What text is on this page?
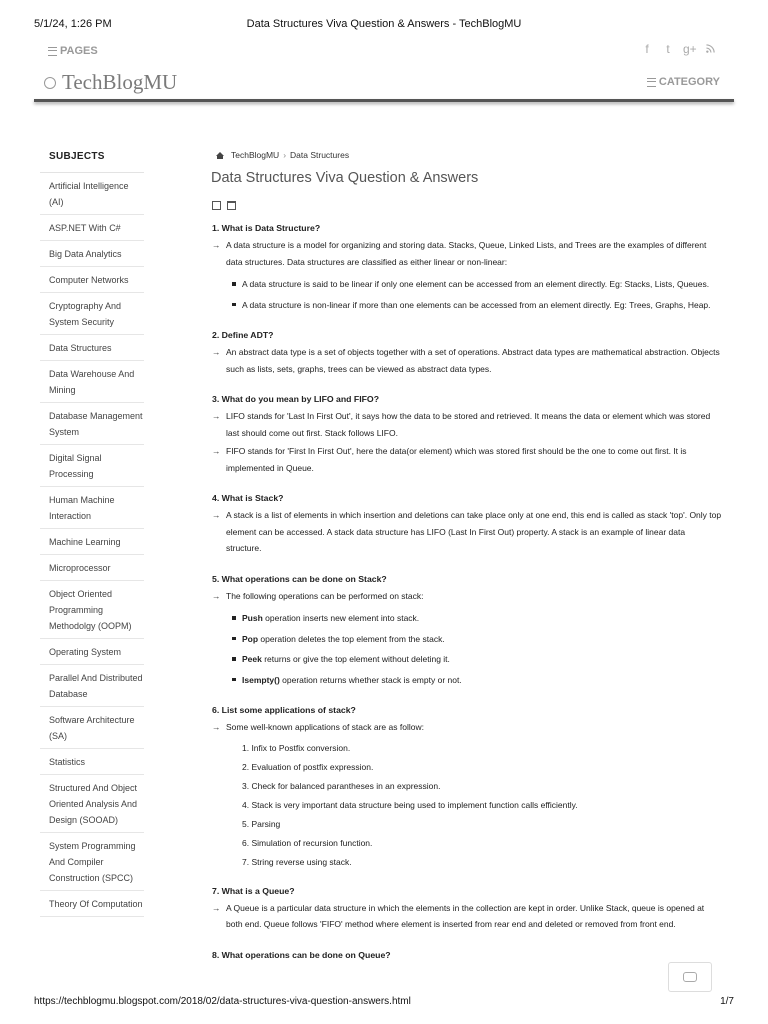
5/1/24, 1:26 PM	Data Structures Viva Question & Answers - TechBlogMU
PAGES	f	t	g+
TechBlogMU	CATEGORY
SUBJECTS
Artificial Intelligence (AI)
ASP.NET With C#
Big Data Analytics
Computer Networks
Cryptography And System Security
Data Structures
Data Warehouse And Mining
Database Management System
Digital Signal Processing
Human Machine Interaction
Machine Learning
Microprocessor
Object Oriented Programming Methodolgy (OOPM)
Operating System
Parallel And Distributed Database
Software Architecture (SA)
Statistics
Structured And Object Oriented Analysis And Design (SOOAD)
System Programming And Compiler Construction (SPCC)
Theory Of Computation
TechBlogMU › Data Structures
Data Structures Viva Question & Answers
1. What is Data Structure?
→ A data structure is a model for organizing and storing data. Stacks, Queue, Linked Lists, and Trees are the examples of different data structures. Data structures are classified as either linear or non-linear:
A data structure is said to be linear if only one element can be accessed from an element directly. Eg: Stacks, Lists, Queues.
A data structure is non-linear if more than one elements can be accessed from an element directly. Eg: Trees, Graphs, Heap.
2. Define ADT?
→ An abstract data type is a set of objects together with a set of operations. Abstract data types are mathematical abstraction. Objects such as lists, sets, graphs, trees can be viewed as abstract data types.
3. What do you mean by LIFO and FIFO?
→ LIFO stands for 'Last In First Out', it says how the data to be stored and retrieved. It means the data or element which was stored last should come out first. Stack follows LIFO.
→ FIFO stands for 'First In First Out', here the data(or element) which was stored first should be the one to come out first. It is implemented in Queue.
4. What is Stack?
→ A stack is a list of elements in which insertion and deletions can take place only at one end, this end is called as stack 'top'. Only top element can be accessed. A stack data structure has LIFO (Last In First Out) property. A stack is an example of linear data structure.
5. What operations can be done on Stack?
→ The following operations can be performed on stack:
Push operation inserts new element into stack.
Pop operation deletes the top element from the stack.
Peek returns or give the top element without deleting it.
Isempty() operation returns whether stack is empty or not.
6. List some applications of stack?
→ Some well-known applications of stack are as follow:
1. Infix to Postfix conversion.
2. Evaluation of postfix expression.
3. Check for balanced parantheses in an expression.
4. Stack is very important data structure being used to implement function calls efficiently.
5. Parsing
6. Simulation of recursion function.
7. String reverse using stack.
7. What is a Queue?
→ A Queue is a particular data structure in which the elements in the collection are kept in order. Unlike Stack, queue is opened at both end. Queue follows 'FIFO' method where element is inserted from rear end and deleted or removed from front end.
8. What operations can be done on Queue?
https://techblogmu.blogspot.com/2018/02/data-structures-viva-question-answers.html	1/7
